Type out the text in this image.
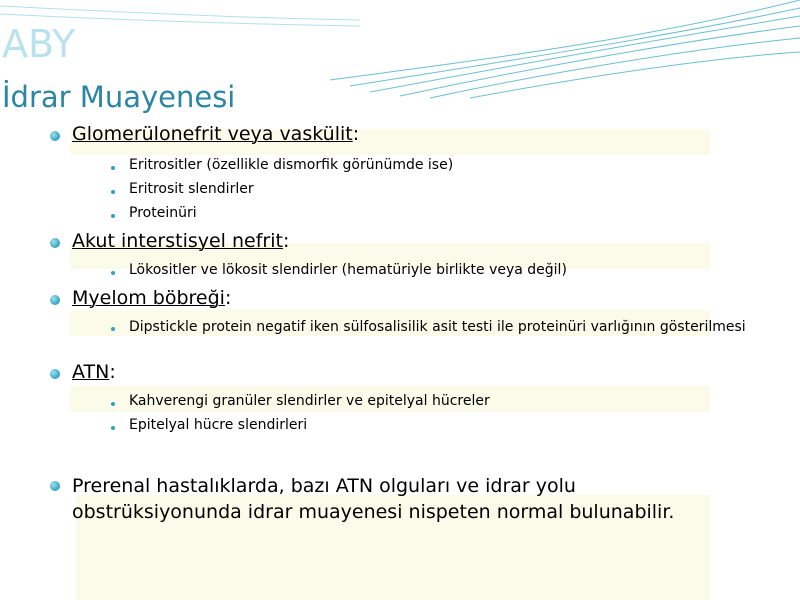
ABY
İdrar Muayenesi
Glomerülonefrit veya vaskülit:
Eritrositler (özellikle dismorfik görünümde ise)
Eritrosit slendirler
Proteinüri
Akut interstisyel nefrit:
Lökositler ve lökosit slendirler (hematüriyle birlikte veya değil)
Myelom böbreği:
Dipstickle protein negatif iken sülfosalisilik asit testi ile proteinüri varlığının gösterilmesi
ATN:
Kahverengi granüler slendirler ve epitelyal hücreler
Epitelyal hücre slendirleri
Prerenal hastalıklarda, bazı ATN olguları ve idrar yolu obstrüksiyonunda idrar muayenesi nispeten normal bulunabilir.
